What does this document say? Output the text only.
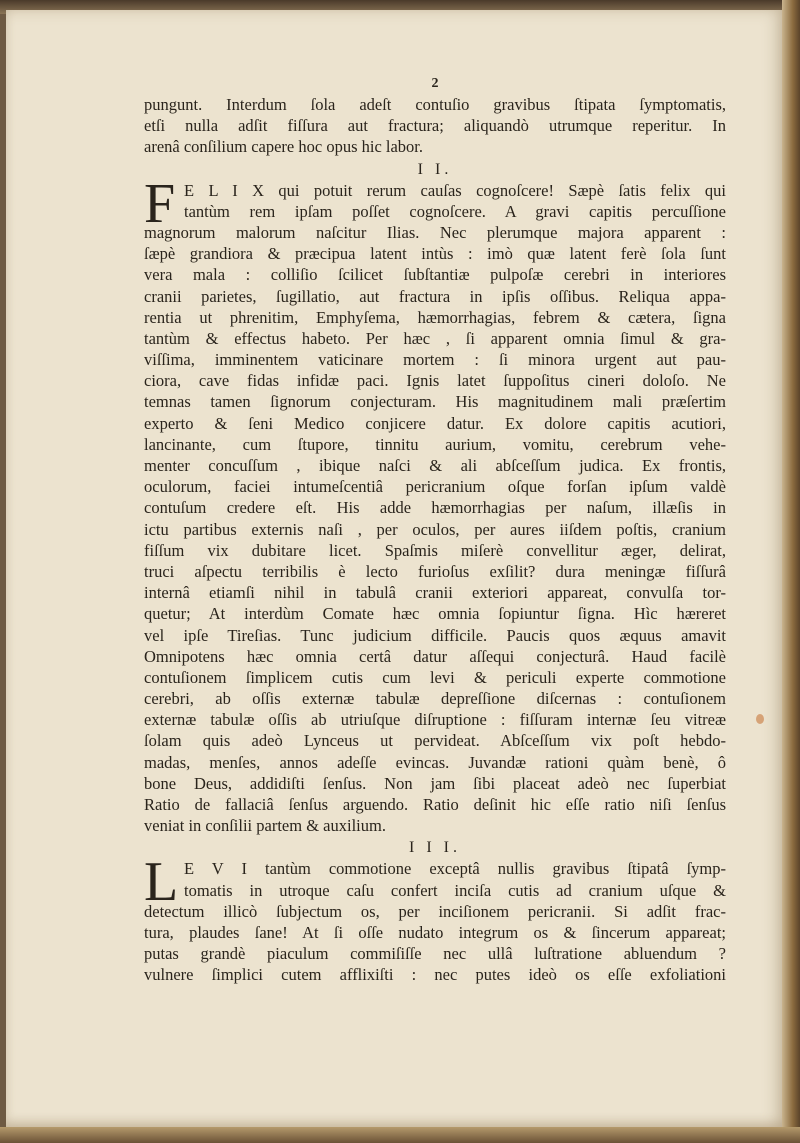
2
pungunt. Interdum ſola adeſt contuſio gravibus ſtipata ſymptomatis,
etſi nulla adſit fiſſura aut fractura; aliquandò utrumque reperitur. In
arenâ conſilium capere hoc opus hic labor.
I I.
F E L I X qui potuit rerum cauſas cognoſcere! Sæpè ſatis felix qui
tantùm rem ipſam poſſet cognoſcere. A gravi capitis percuſſione
magnorum malorum naſcitur Ilias. Nec plerumque majora apparent :
ſæpè grandiora & præcipua latent intùs : imò quæ latent ferè ſola ſunt
vera mala : colliſio ſcilicet ſubſtantiæ pulpoſæ cerebri in interiores
cranii parietes, ſugillatio, aut fractura in ipſis oſſibus. Reliqua appa-
rentia ut phrenitim, Emphyſema, hæmorrhagias, febrem & cætera, ſigna
tantùm & effectus habeto. Per hæc , ſi apparent omnia ſimul & gra-
viſſima, imminentem vaticinare mortem : ſi minora urgent aut pau-
ciora, cave fidas infidæ paci. Ignis latet ſuppoſitus cineri doloſo. Ne
temnas tamen ſignorum conjecturam. His magnitudinem mali præſertim
experto & ſeni Medico conjicere datur. Ex dolore capitis acutiori,
lancinante, cum ſtupore, tinnitu aurium, vomitu, cerebrum vehe-
menter concuſſum , ibique naſci & ali abſceſſum judica. Ex frontis,
oculorum, faciei intumeſcentiâ pericranium oſque forſan ipſum valdè
contuſum credere eſt. His adde hæmorrhagias per naſum, illæſis in
ictu partibus externis naſi , per oculos, per aures iiſdem poſtis, cranium
fiſſum vix dubitare licet. Spaſmis miſerè convellitur æger, delirat,
truci aſpectu terribilis è lecto furioſus exſilit? dura meningæ fiſſurâ
internâ etiamſi nihil in tabulâ cranii exteriori appareat, convulſa tor-
quetur; At interdùm Comate hæc omnia ſopiuntur ſigna. Hìc hæreret
vel ipſe Tireſias. Tunc judicium difficile. Paucis quos æquus amavit
Omnipotens hæc omnia certâ datur aſſequi conjecturâ. Haud facilè
contuſionem ſimplicem cutis cum levi & periculi experte commotione
cerebri, ab oſſis externæ tabulæ depreſſione diſcernas : contuſionem
externæ tabulæ oſſis ab utriuſque diſruptione : fiſſuram internæ ſeu vitreæ
ſolam quis adeò Lynceus ut pervideat. Abſceſſum vix poſt hebdo-
madas, menſes, annos adeſſe evincas. Juvandæ rationi quàm benè, ô
bone Deus, addidiſti ſenſus. Non jam ſibi placeat adeò nec ſuperbiat
Ratio de fallaciâ ſenſus arguendo. Ratio deſinit hic eſſe ratio niſi ſenſus
veniat in conſilii partem & auxilium.
I I I.
L E V I tantùm commotione exceptâ nullis gravibus ſtipatâ ſymp-
tomatis in utroque caſu confert inciſa cutis ad cranium uſque &
detectum illicò ſubjectum os, per inciſionem pericranii. Si adſit frac-
tura, plaudes ſane! At ſi oſſe nudato integrum os & ſincerum appareat;
putas grandè piaculum commiſiſſe nec ullâ luſtratione abluendum ?
vulnere ſimplici cutem afflixiſti : nec putes ideò os eſſe exfoliationi
